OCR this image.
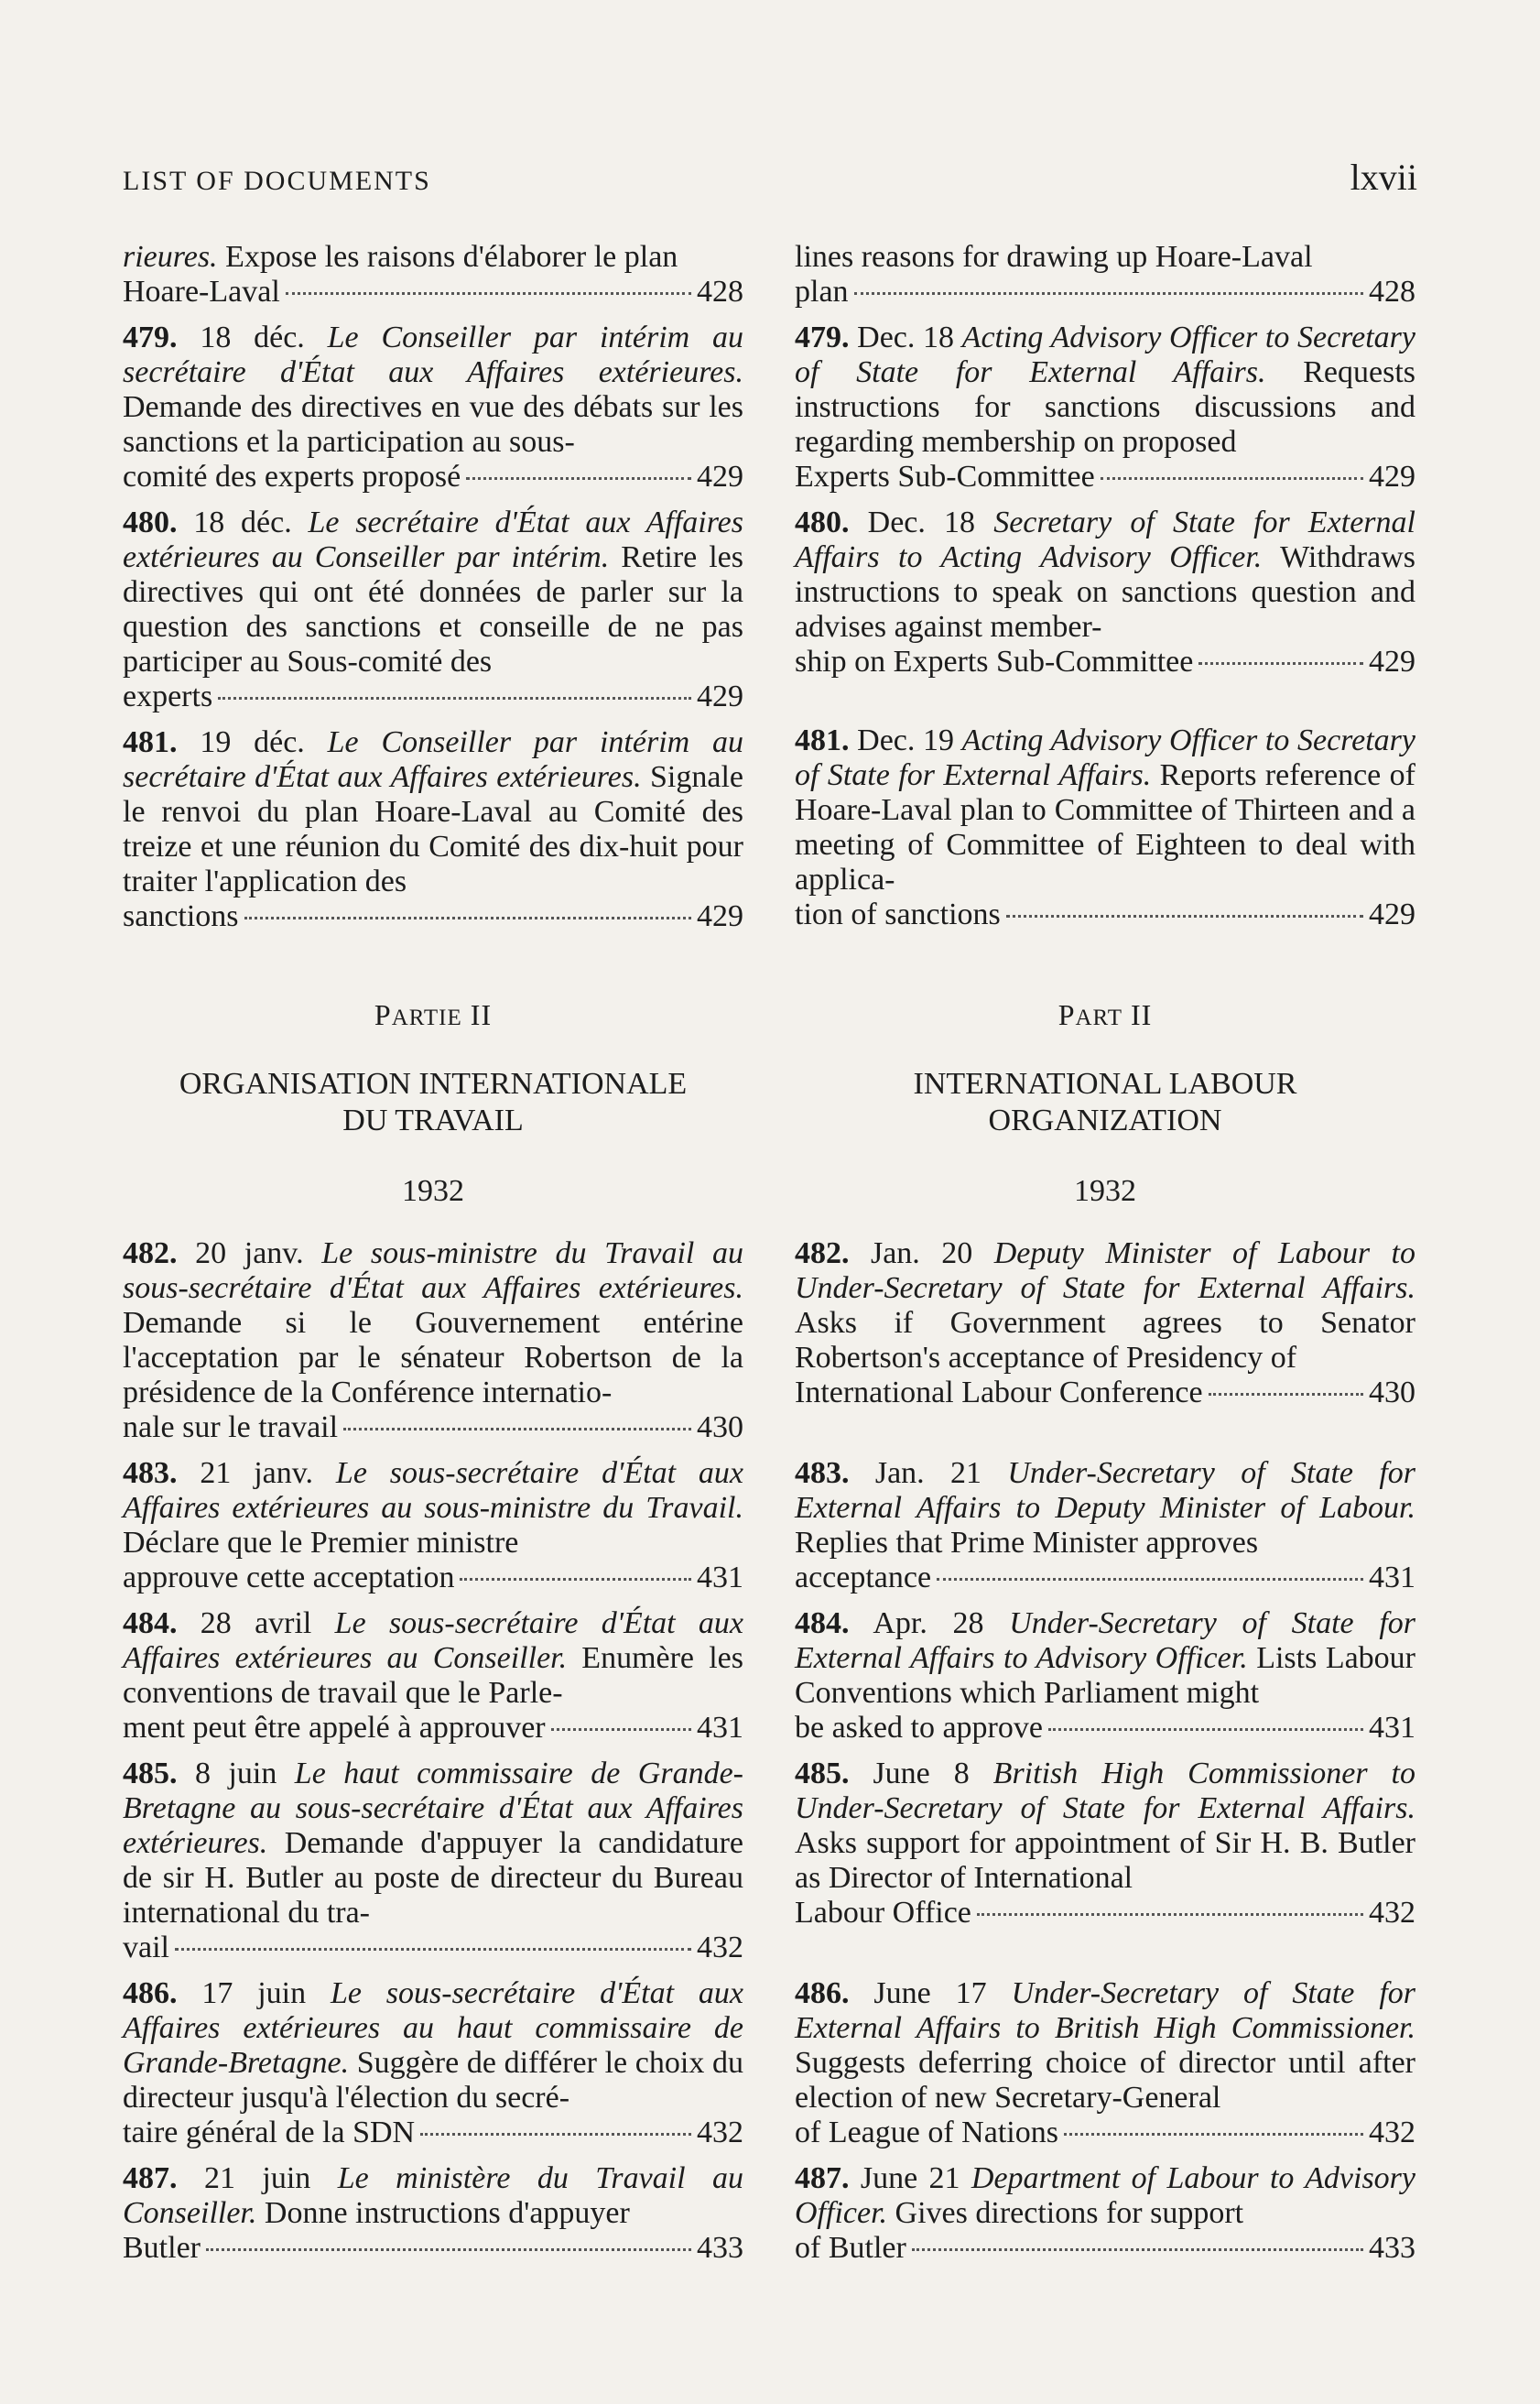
LIST OF DOCUMENTS	lxvii

rieures. Expose les raisons d'élaborer le plan

Hoare-Laval	428

479. 18 déc. Le Conseiller par intérim au secrétaire d'État aux Affaires extérieures. Demande des directives en vue des débats sur les sanctions et la participation au sous-

comité des experts proposé	429

480. 18 déc. Le secrétaire d'État aux Affaires extérieures au Conseiller par intérim. Retire les directives qui ont été données de parler sur la question des sanctions et conseille de ne pas participer au Sous-comité des

experts	429

481. 19 déc. Le Conseiller par intérim au secrétaire d'État aux Affaires extérieures. Signale le renvoi du plan Hoare-Laval au Comité des treize et une réunion du Comité des dix-huit pour traiter l'application des

sanctions	429

lines reasons for drawing up Hoare-Laval

plan	428

479. Dec. 18 Acting Advisory Officer to Secretary of State for External Affairs. Requests instructions for sanctions discussions and regarding membership on proposed

Experts Sub-Committee	429

480. Dec. 18 Secretary of State for External Affairs to Acting Advisory Officer. Withdraws instructions to speak on sanctions question and advises against member-

ship on Experts Sub-Committee	429

481. Dec. 19 Acting Advisory Officer to Secretary of State for External Affairs. Reports reference of Hoare-Laval plan to Committee of Thirteen and a meeting of Committee of Eighteen to deal with applica-

tion of sanctions	429
PARTIE II	PART II
ORGANISATION INTERNATIONALE
DU TRAVAIL
INTERNATIONAL LABOUR
ORGANIZATION
1932	1932

482. 20 janv. Le sous-ministre du Travail au sous-secrétaire d'État aux Affaires extérieures. Demande si le Gouvernement entérine l'acceptation par le sénateur Robertson de la présidence de la Conférence internatio-

nale sur le travail	430

483. 21 janv. Le sous-secrétaire d'État aux Affaires extérieures au sous-ministre du Travail. Déclare que le Premier ministre

approuve cette acceptation	431

484. 28 avril Le sous-secrétaire d'État aux Affaires extérieures au Conseiller. Enumère les conventions de travail que le Parle-

ment peut être appelé à approuver	431

485. 8 juin Le haut commissaire de Grande-Bretagne au sous-secrétaire d'État aux Affaires extérieures. Demande d'appuyer la candidature de sir H. Butler au poste de directeur du Bureau international du tra-

vail	432

486. 17 juin Le sous-secrétaire d'État aux Affaires extérieures au haut commissaire de Grande-Bretagne. Suggère de différer le choix du directeur jusqu'à l'élection du secré-

taire général de la SDN	432

487. 21 juin Le ministère du Travail au Conseiller. Donne instructions d'appuyer

Butler	433

482. Jan. 20 Deputy Minister of Labour to Under-Secretary of State for External Affairs. Asks if Government agrees to Senator Robertson's acceptance of Presidency of

International Labour Conference	430

483. Jan. 21 Under-Secretary of State for External Affairs to Deputy Minister of Labour. Replies that Prime Minister approves

acceptance	431

484. Apr. 28 Under-Secretary of State for External Affairs to Advisory Officer. Lists Labour Conventions which Parliament might

be asked to approve	431

485. June 8 British High Commissioner to Under-Secretary of State for External Affairs. Asks support for appointment of Sir H. B. Butler as Director of International

Labour Office	432

486. June 17 Under-Secretary of State for External Affairs to British High Commissioner. Suggests deferring choice of director until after election of new Secretary-General

of League of Nations	432

487. June 21 Department of Labour to Advisory Officer. Gives directions for support

of Butler	433
